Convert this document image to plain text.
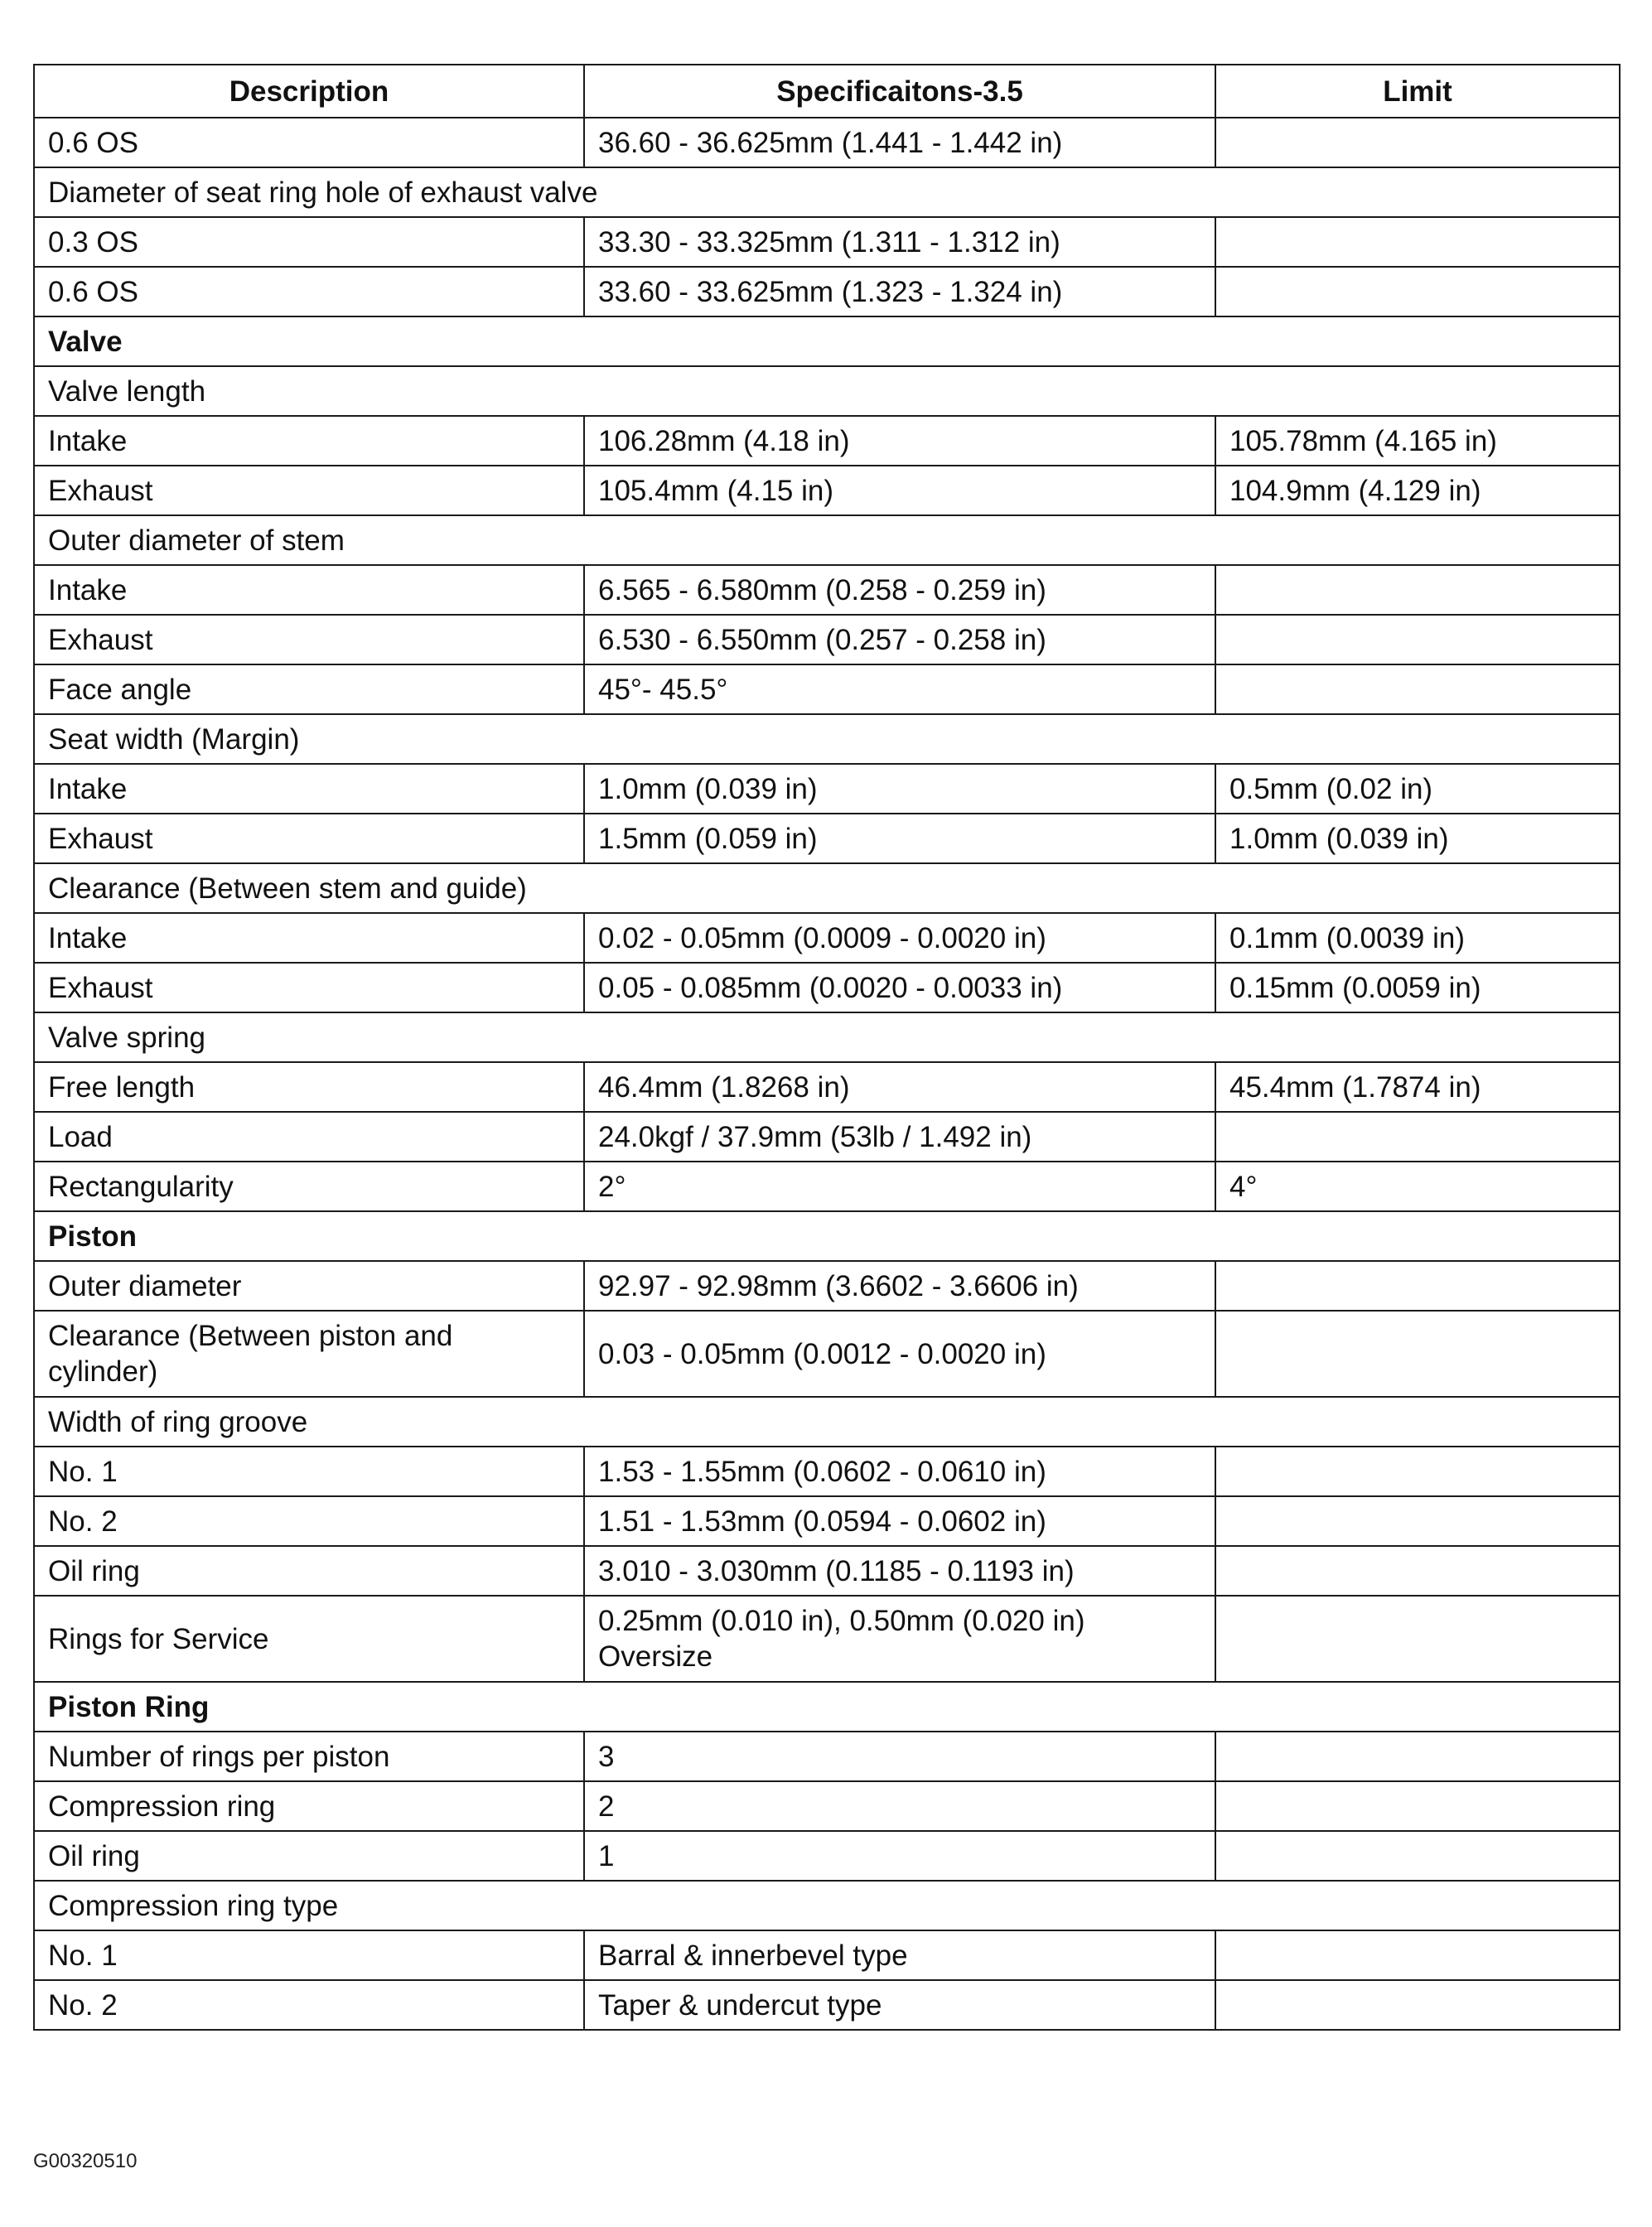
Description	Specificaitons-3.5	Limit
0.6 OS	36.60 - 36.625mm (1.441 - 1.442 in)	
Diameter of seat ring hole of exhaust valve		
0.3 OS	33.30 - 33.325mm (1.311 - 1.312 in)	
0.6 OS	33.60 - 33.625mm (1.323 - 1.324 in)	
Valve		
Valve length		
Intake	106.28mm (4.18 in)	105.78mm (4.165 in)
Exhaust	105.4mm (4.15 in)	104.9mm (4.129 in)
Outer diameter of stem		
Intake	6.565 - 6.580mm (0.258 - 0.259 in)	
Exhaust	6.530 - 6.550mm (0.257 - 0.258 in)	
Face angle	45°- 45.5°	
Seat width (Margin)		
Intake	1.0mm (0.039 in)	0.5mm (0.02 in)
Exhaust	1.5mm (0.059 in)	1.0mm (0.039 in)
Clearance (Between stem and guide)		
Intake	0.02 - 0.05mm (0.0009 - 0.0020 in)	0.1mm (0.0039 in)
Exhaust	0.05 - 0.085mm (0.0020 - 0.0033 in)	0.15mm (0.0059 in)
Valve spring		
Free length	46.4mm (1.8268 in)	45.4mm (1.7874 in)
Load	24.0kgf / 37.9mm (53lb / 1.492 in)	
Rectangularity	2°	4°
Piston		
Outer diameter	92.97 - 92.98mm (3.6602 - 3.6606 in)	
Clearance (Between piston and cylinder)	0.03 - 0.05mm (0.0012 - 0.0020 in)	
Width of ring groove		
No. 1	1.53 - 1.55mm (0.0602 - 0.0610 in)	
No. 2	1.51 - 1.53mm (0.0594 - 0.0602 in)	
Oil ring	3.010 - 3.030mm (0.1185 - 0.1193 in)	
Rings for Service	0.25mm (0.010 in), 0.50mm (0.020 in) Oversize	
Piston Ring		
Number of rings per piston	3	
Compression ring	2	
Oil ring	1	
Compression ring type		
No. 1	Barral & innerbevel type	
No. 2	Taper & undercut type	
G00320510
